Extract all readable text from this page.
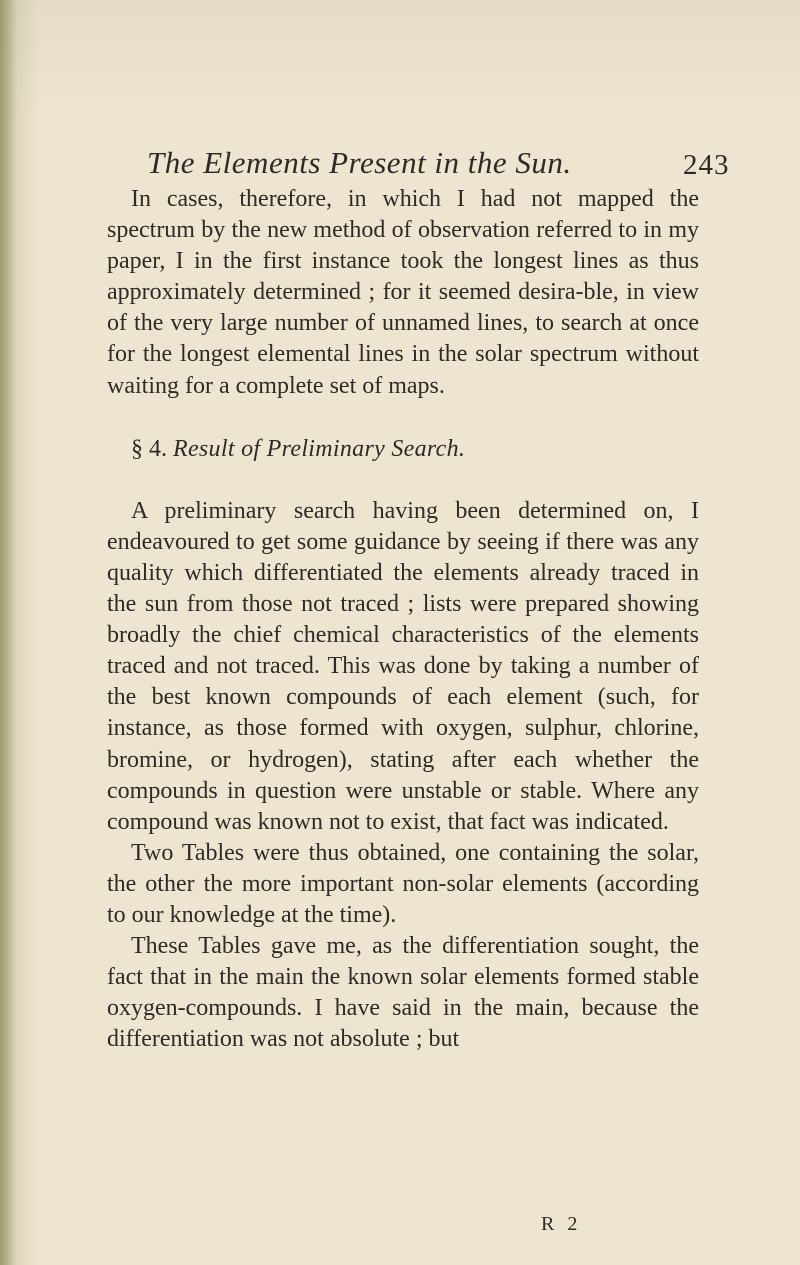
The Elements Present in the Sun.	243

In cases, therefore, in which I had not mapped the spectrum by the new method of observation referred to in my paper, I in the first instance took the longest lines as thus approximately determined ; for it seemed desira-ble, in view of the very large number of unnamed lines, to search at once for the longest elemental lines in the solar spectrum without waiting for a complete set of maps.

§ 4. Result of Preliminary Search.

A preliminary search having been determined on, I endeavoured to get some guidance by seeing if there was any quality which differentiated the elements already traced in the sun from those not traced ; lists were prepared showing broadly the chief chemical characteristics of the elements traced and not traced. This was done by taking a number of the best known compounds of each element (such, for instance, as those formed with oxygen, sulphur, chlorine, bromine, or hydrogen), stating after each whether the compounds in question were unstable or stable. Where any compound was known not to exist, that fact was indicated.

Two Tables were thus obtained, one containing the solar, the other the more important non-solar elements (according to our knowledge at the time).

These Tables gave me, as the differentiation sought, the fact that in the main the known solar elements formed stable oxygen-compounds. I have said in the main, because the differentiation was not absolute ; but

R 2
